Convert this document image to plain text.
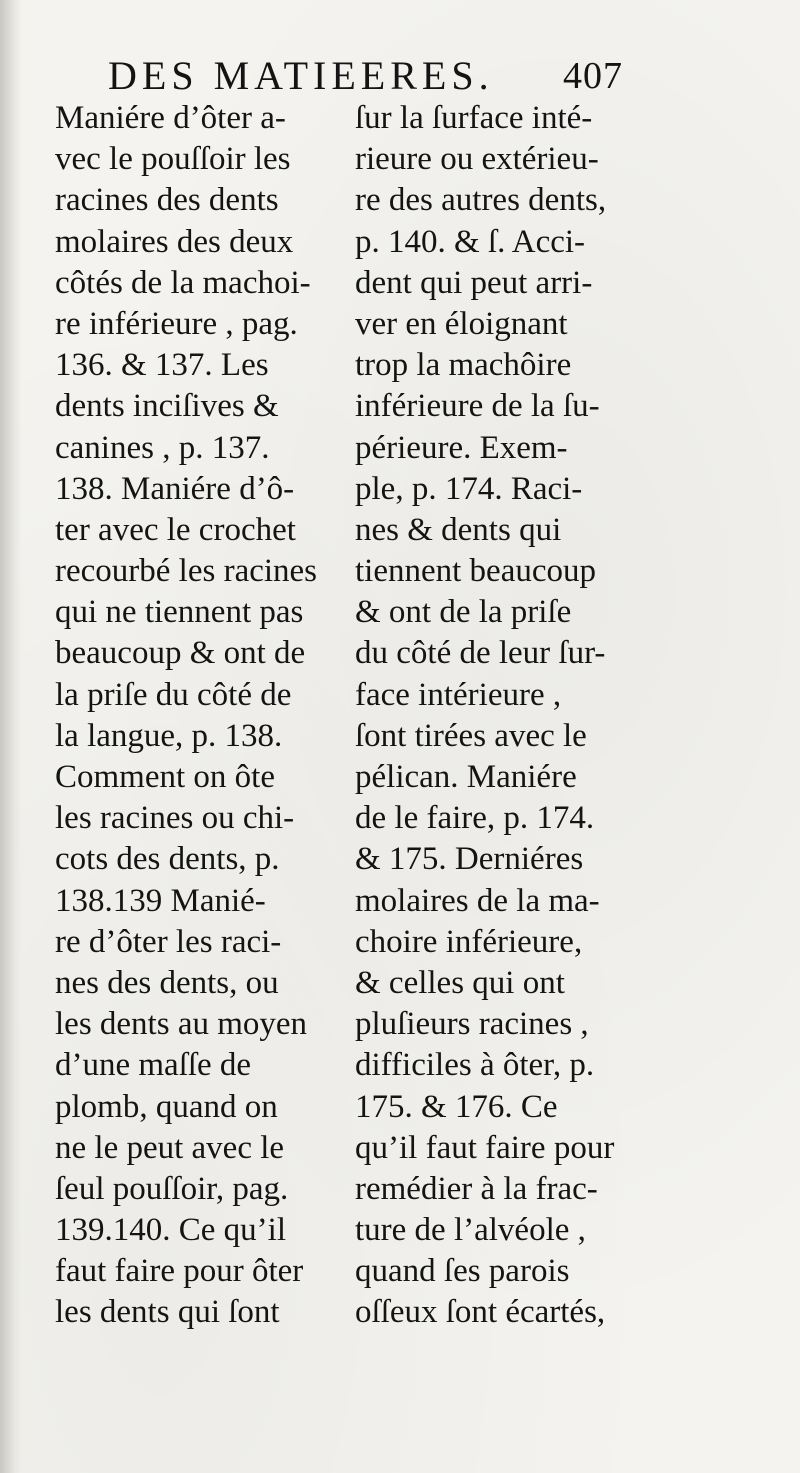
DES MATIEERES.	407
Maniére d’ôter a-
vec le pouſſoir les
racines des dents
molaires des deux
côtés de la machoi-
re inférieure , pag.
136. & 137. Les
dents inciſives &
canines , p. 137.
138. Maniére d’ô-
ter avec le crochet
recourbé les racines
qui ne tiennent pas
beaucoup & ont de
la priſe du côté de
la langue, p. 138.
Comment on ôte
les racines ou chi-
cots des dents, p.
138.139 Manié-
re d’ôter les raci-
nes des dents, ou
les dents au moyen
d’une maſſe de
plomb, quand on
ne le peut avec le
ſeul pouſſoir, pag.
139.140. Ce qu’il
faut faire pour ôter
les dents qui ſont
ſur la ſurface inté-
rieure ou extérieu-
re des autres dents,
p. 140. & ſ. Acci-
dent qui peut arri-
ver en éloignant
trop la machôire
inférieure de la ſu-
périeure. Exem-
ple, p. 174. Raci-
nes & dents qui
tiennent beaucoup
& ont de la priſe
du côté de leur ſur-
face intérieure ,
ſont tirées avec le
pélican. Maniére
de le faire, p. 174.
& 175. Derniéres
molaires de la ma-
choire inférieure,
& celles qui ont
pluſieurs racines ,
difficiles à ôter, p.
175. & 176. Ce
qu’il faut faire pour
remédier à la frac-
ture de l’alvéole ,
quand ſes parois
oſſeux ſont écartés,
